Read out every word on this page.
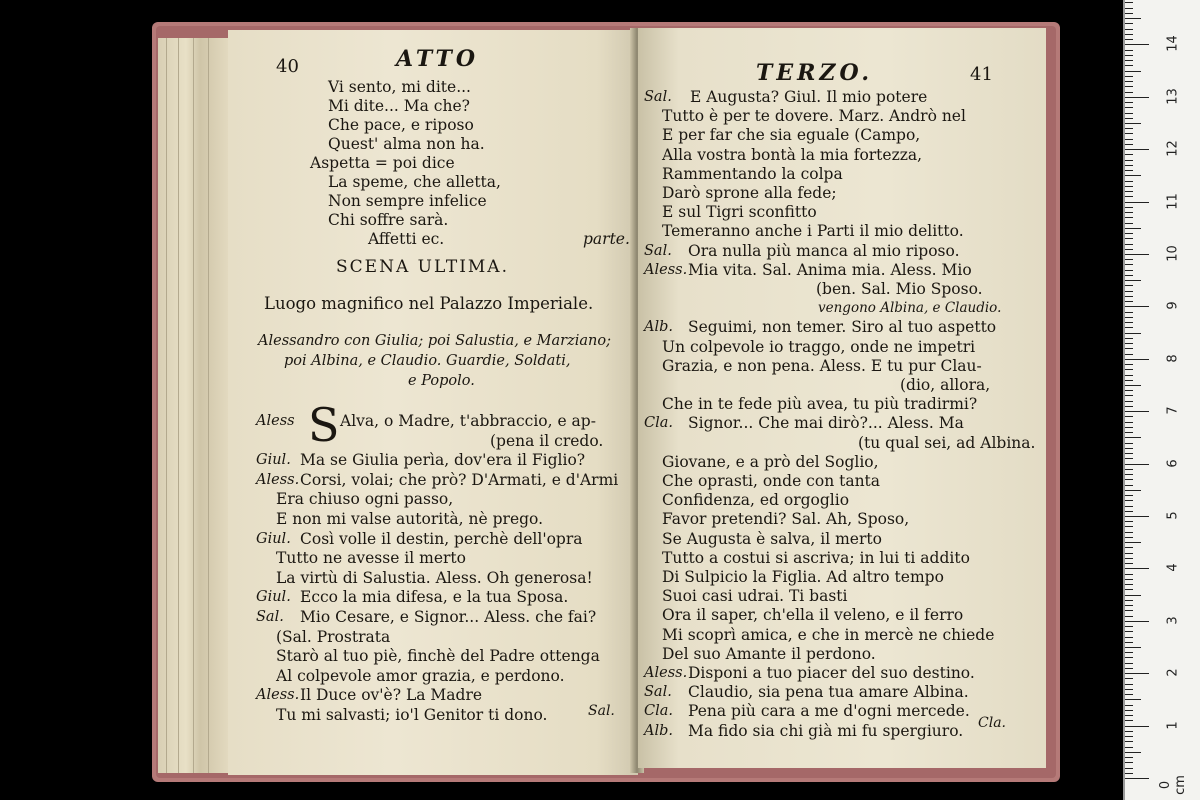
40	ATTO
Vi sento, mi dite...
Mi dite... Ma che?
Che pace, e riposo
Quest' alma non ha.
Aspetta = poi dice
La speme, che alletta,
Non sempre infelice
Chi soffre sarà.
Affetti ec.	parte.
SCENA ULTIMA.
Luogo magnifico nel Palazzo Imperiale.
Alessandro con Giulia; poi Salustia, e Marziano;
poi Albina, e Claudio. Guardie, Soldati,
e Popolo.
Aless	Alva, o Madre, t'abbraccio, e ap-
(pena il credo.
Giul. Ma se Giulia perìa, dov'era il Figlio?
Aless. Corsi, volai; che prò? D'Armati, e d'Armi
Era chiuso ogni passo,
E non mi valse autorità, nè prego.
Giul. Così volle il destin, perchè dell'opra
Tutto ne avesse il merto
La virtù di Salustia. Aless. Oh generosa!
Giul. Ecco la mia difesa, e la tua Sposa.
Sal. Mio Cesare, e Signor... Aless. che fai?
(Sal. Prostrata
Starò al tuo piè, finchè del Padre ottenga
Al colpevole amor grazia, e perdono.
Aless. Il Duce ov'è? La Madre
Tu mi salvasti; io'l Genitor ti dono.
S
Sal.
TERZO.	41
Sal. E Augusta? Giul. Il mio potere
Tutto è per te dovere. Marz. Andrò nel
E per far che sia eguale (Campo,
Alla vostra bontà la mia fortezza,
Rammentando la colpa
Darò sprone alla fede;
E sul Tigri sconfitto
Temeranno anche i Parti il mio delitto.
Sal. Ora nulla più manca al mio riposo.
Aless. Mia vita. Sal. Anima mia. Aless. Mio
(ben. Sal. Mio Sposo.
vengono Albina, e Claudio.
Alb. Seguimi, non temer. Siro al tuo aspetto
Un colpevole io traggo, onde ne impetri
Grazia, e non pena. Aless. E tu pur Clau-
(dio, allora,
Che in te fede più avea, tu più tradirmi?
Cla. Signor... Che mai dirò?... Aless. Ma
(tu qual sei, ad Albina.
Giovane, e a prò del Soglio,
Che oprasti, onde con tanta
Confidenza, ed orgoglio
Favor pretendi? Sal. Ah, Sposo,
Se Augusta è salva, il merto
Tutto a costui si ascriva; in lui ti addito
Di Sulpicio la Figlia. Ad altro tempo
Suoi casi udrai. Ti basti
Ora il saper, ch'ella il veleno, e il ferro
Mi scoprì amica, e che in mercè ne chiede
Del suo Amante il perdono.
Aless. Disponi a tuo piacer del suo destino.
Sal. Claudio, sia pena tua amare Albina.
Cla. Pena più cara a me d'ogni mercede.
Alb. Ma fido sia chi già mi fu spergiuro. Cla.
0 cm
1
2
3
4
5
6
7
8
9
10
11
12
13
14
